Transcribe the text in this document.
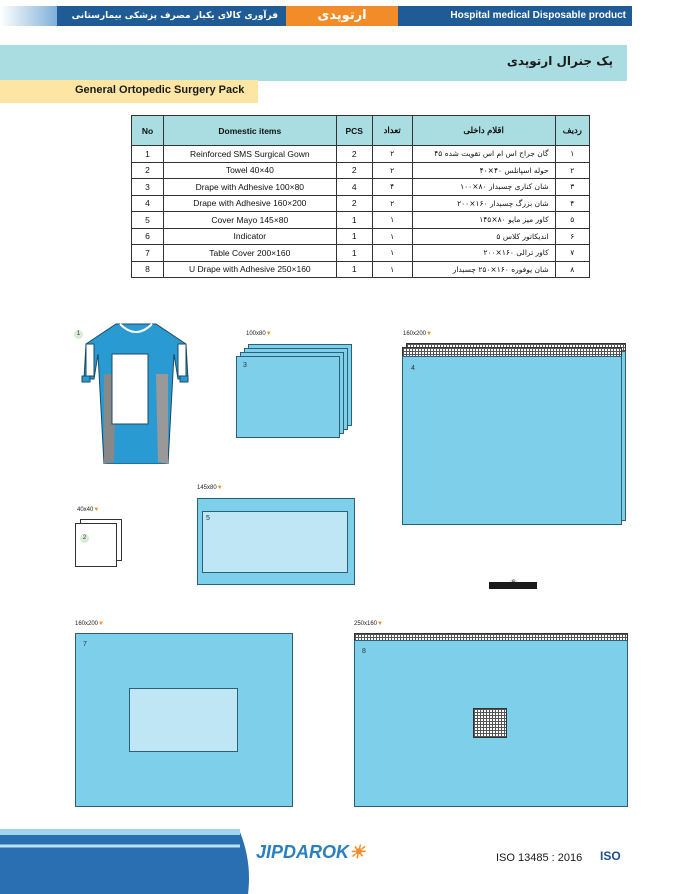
فرآوری کالای یکبار مصرف پزشکی بیمارستانی	ارتوپدی	Hospital medical Disposable product
پک جنرال ارتوپدی
General Ortopedic Surgery Pack
No	Domestic items	PCS	تعداد	اقلام داخلی	ردیف
1	Reinforced SMS Surgical Gown	2	۲	گان جراح اس ام اس تقویت شده ۴۵	۱
2	Towel 40×40	2	۲	حوله اسپانلس ۴۰×۴۰	۲
3	Drape with Adhesive 100×80	4	۴	شان کناری چسبدار ۸۰×۱۰۰	۳
4	Drape with Adhesive 160×200	2	۲	شان بزرگ چسبدار ۱۶۰×۲۰۰	۴
5	Cover Mayo 145×80	1	۱	کاور میز مایو ۸۰×۱۴۵	۵
6	Indicator	1	۱	اندیکاتور کلاس ۵	۶
7	Table Cover 200×160	1	۱	کاور ترالی ۱۶۰×۲۰۰	۷
8	U Drape with Adhesive 250×160	1	۱	شان یوفوره ۱۶۰×۲۵۰ چسبدار	۸
1
40x40▼
2
100x80▼
3
160x200▼
4
145x80▼
5
160x200▼
7
250x160▼
8
JIPDAROK☀	ISO 13485 : 2016 ISO
